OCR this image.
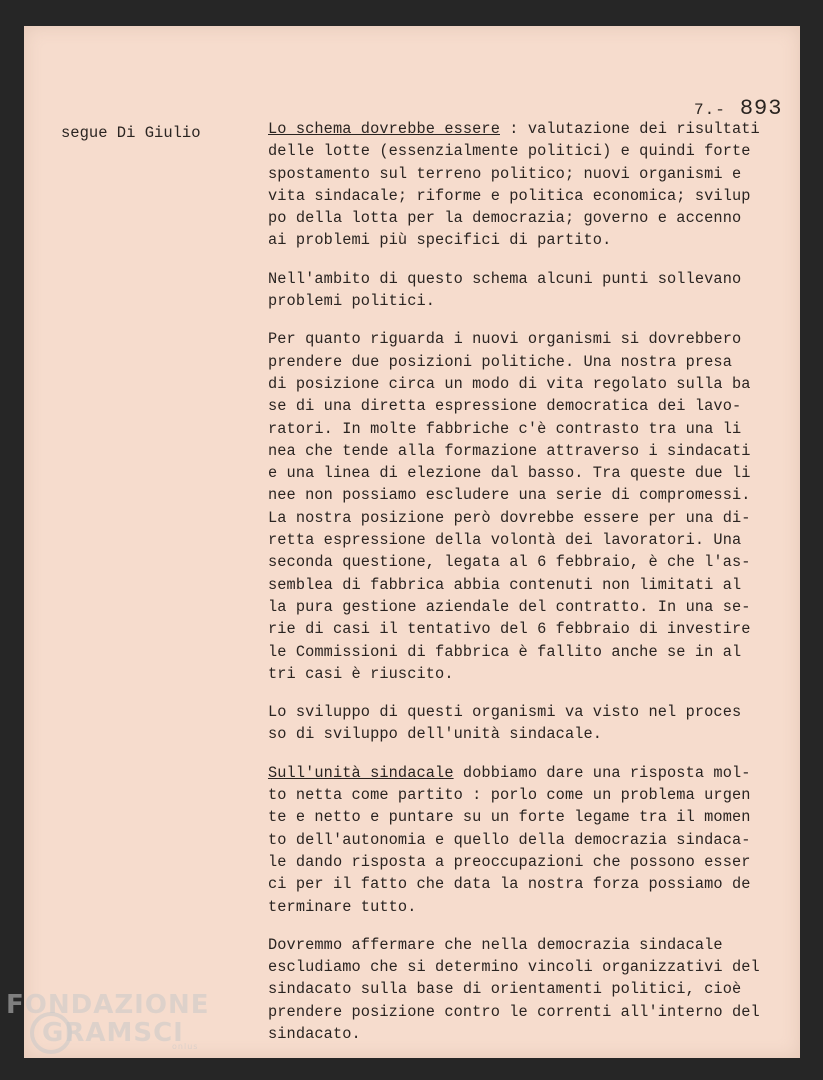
7.- 893
segue Di Giulio	Lo schema dovrebbe essere : valutazione dei risultati
delle lotte (essenzialmente politici) e quindi forte
spostamento sul terreno politico; nuovi organismi e
vita sindacale; riforme e politica economica; svilup
po della lotta per la democrazia; governo e accenno
ai problemi più specifici di partito.
Nell'ambito di questo schema alcuni punti sollevano
problemi politici.
Per quanto riguarda i nuovi organismi si dovrebbero
prendere due posizioni politiche. Una nostra presa
di posizione circa un modo di vita regolato sulla ba
se di una diretta espressione democratica dei lavo-
ratori. In molte fabbriche c'è contrasto tra una li
nea che tende alla formazione attraverso i sindacati
e una linea di elezione dal basso. Tra queste due li
nee non possiamo escludere una serie di compromessi.
La nostra posizione però dovrebbe essere per una di-
retta espressione della volontà dei lavoratori. Una
seconda questione, legata al 6 febbraio, è che l'as-
semblea di fabbrica abbia contenuti non limitati al
la pura gestione aziendale del contratto. In una se-
rie di casi il tentativo del 6 febbraio di investire
le Commissioni di fabbrica è fallito anche se in al
tri casi è riuscito.
Lo sviluppo di questi organismi va visto nel proces
so di sviluppo dell'unità sindacale.
Sull'unità sindacale dobbiamo dare una risposta mol-
to netta come partito : porlo come un problema urgen
te e netto e puntare su un forte legame tra il momen
to dell'autonomia e quello della democrazia sindaca-
le dando risposta a preoccupazioni che possono esser
ci per il fatto che data la nostra forza possiamo de
terminare tutto.
Dovremmo affermare che nella democrazia sindacale
escludiamo che si determino vincoli organizzativi del
sindacato sulla base di orientamenti politici, cioè
prendere posizione contro le correnti all'interno del
sindacato.
FONDAZIONE
GRAMSCI
onlus
